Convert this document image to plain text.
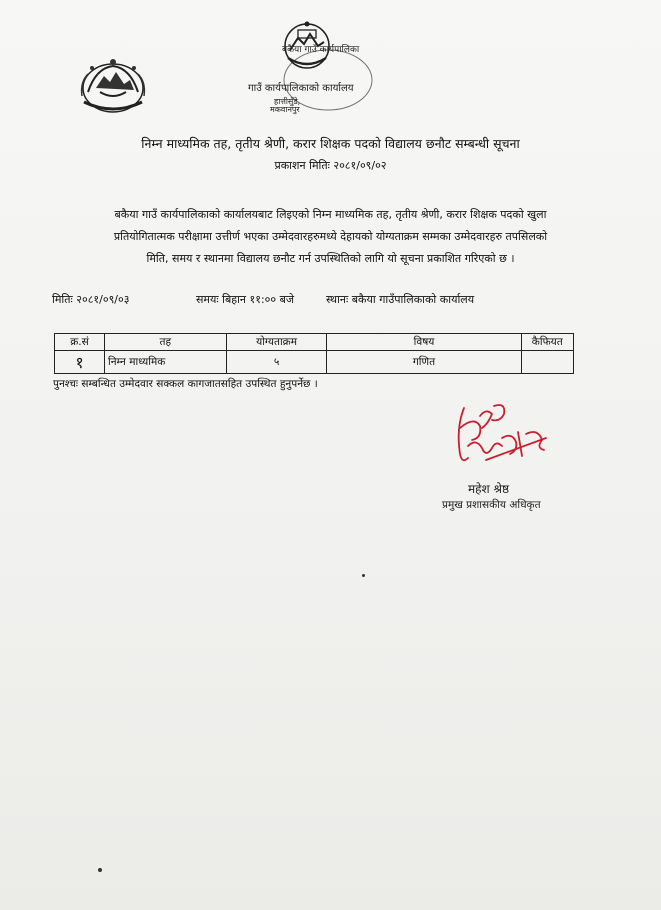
बकैया गाउँ कार्यपालिका
गाउँ कार्यपालिकाको कार्यालय
हात्तीसुँडे,
मकवानपुर
निम्न माध्यमिक तह, तृतीय श्रेणी, करार शिक्षक पदको विद्यालय छनौट सम्बन्धी सूचना
प्रकाशन मितिः २०८१/०९/०२
बकैया गाउँ कार्यपालिकाको कार्यालयबाट लिइएको निम्न माध्यमिक तह, तृतीय श्रेणी, करार शिक्षक पदको खुला
प्रतियोगितात्मक परीक्षामा उत्तीर्ण भएका उम्मेदवारहरुमध्ये देहायको योग्यताक्रम सम्मका उम्मेदवारहरु तपसिलको
मिति, समय र स्थानमा विद्यालय छनौट गर्न उपस्थितिको लागि यो सूचना प्रकाशित गरिएको छ ।
मितिः २०८१/०९/०३	समयः बिहान ११:०० बजे	स्थानः बकैया गाउँपालिकाको कार्यालय
क्र.सं	तह	योग्यताक्रम	विषय	कैफियत
१	निम्न माध्यमिक	५	गणित	
पुनश्चः सम्बन्धित उम्मेदवार सक्कल कागजातसहित उपस्थित हुनुपर्नेछ ।
महेश श्रेष्ठ
प्रमुख प्रशासकीय अधिकृत
